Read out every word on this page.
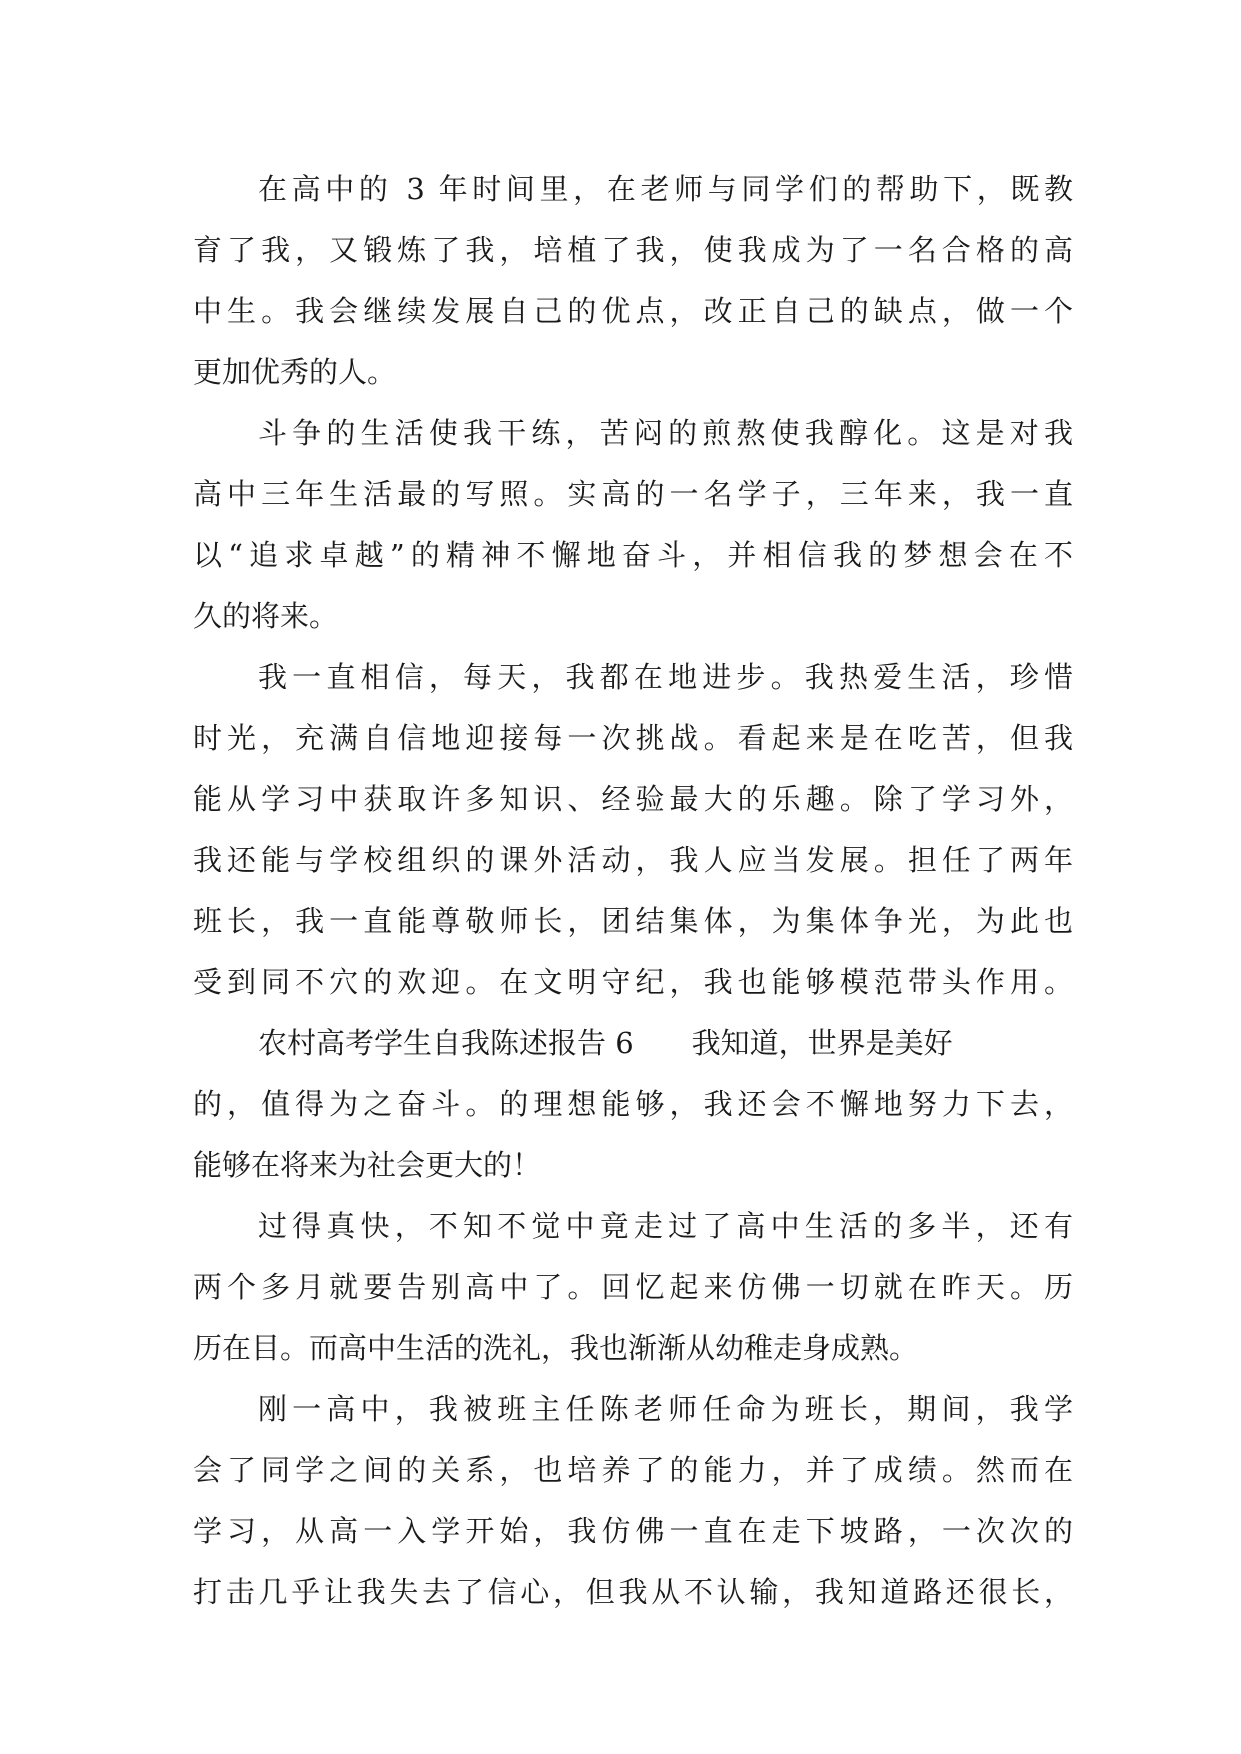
在高中的 3 年时间里，在老师与同学们的帮助下，既教
育了我，又锻炼了我，培植了我，使我成为了一名合格的高
中生。我会继续发展自己的优点，改正自己的缺点，做一个
更加优秀的人。
斗争的生活使我干练，苦闷的煎熬使我醇化。这是对我
高中三年生活最的写照。实高的一名学子，三年来，我一直
以“追求卓越”的精神不懈地奋斗，并相信我的梦想会在不
久的将来。
我一直相信，每天，我都在地进步。我热爱生活，珍惜
时光，充满自信地迎接每一次挑战。看起来是在吃苦，但我
能从学习中获取许多知识、经验最大的乐趣。除了学习外，
我还能与学校组织的课外活动，我人应当发展。担任了两年
班长，我一直能尊敬师长，团结集体，为集体争光，为此也
受到同不穴的欢迎。在文明守纪，我也能够模范带头作用。
农村高考学生自我陈述报告 6 我知道，世界是美好
的，值得为之奋斗。的理想能够，我还会不懈地努力下去，
能够在将来为社会更大的！
过得真快，不知不觉中竟走过了高中生活的多半，还有
两个多月就要告别高中了。回忆起来仿佛一切就在昨天。历
历在目。而高中生活的洗礼，我也渐渐从幼稚走身成熟。
刚一高中，我被班主任陈老师任命为班长，期间，我学
会了同学之间的关系，也培养了的能力，并了成绩。然而在
学习，从高一入学开始，我仿佛一直在走下坡路，一次次的
打击几乎让我失去了信心，但我从不认输，我知道路还很长，
